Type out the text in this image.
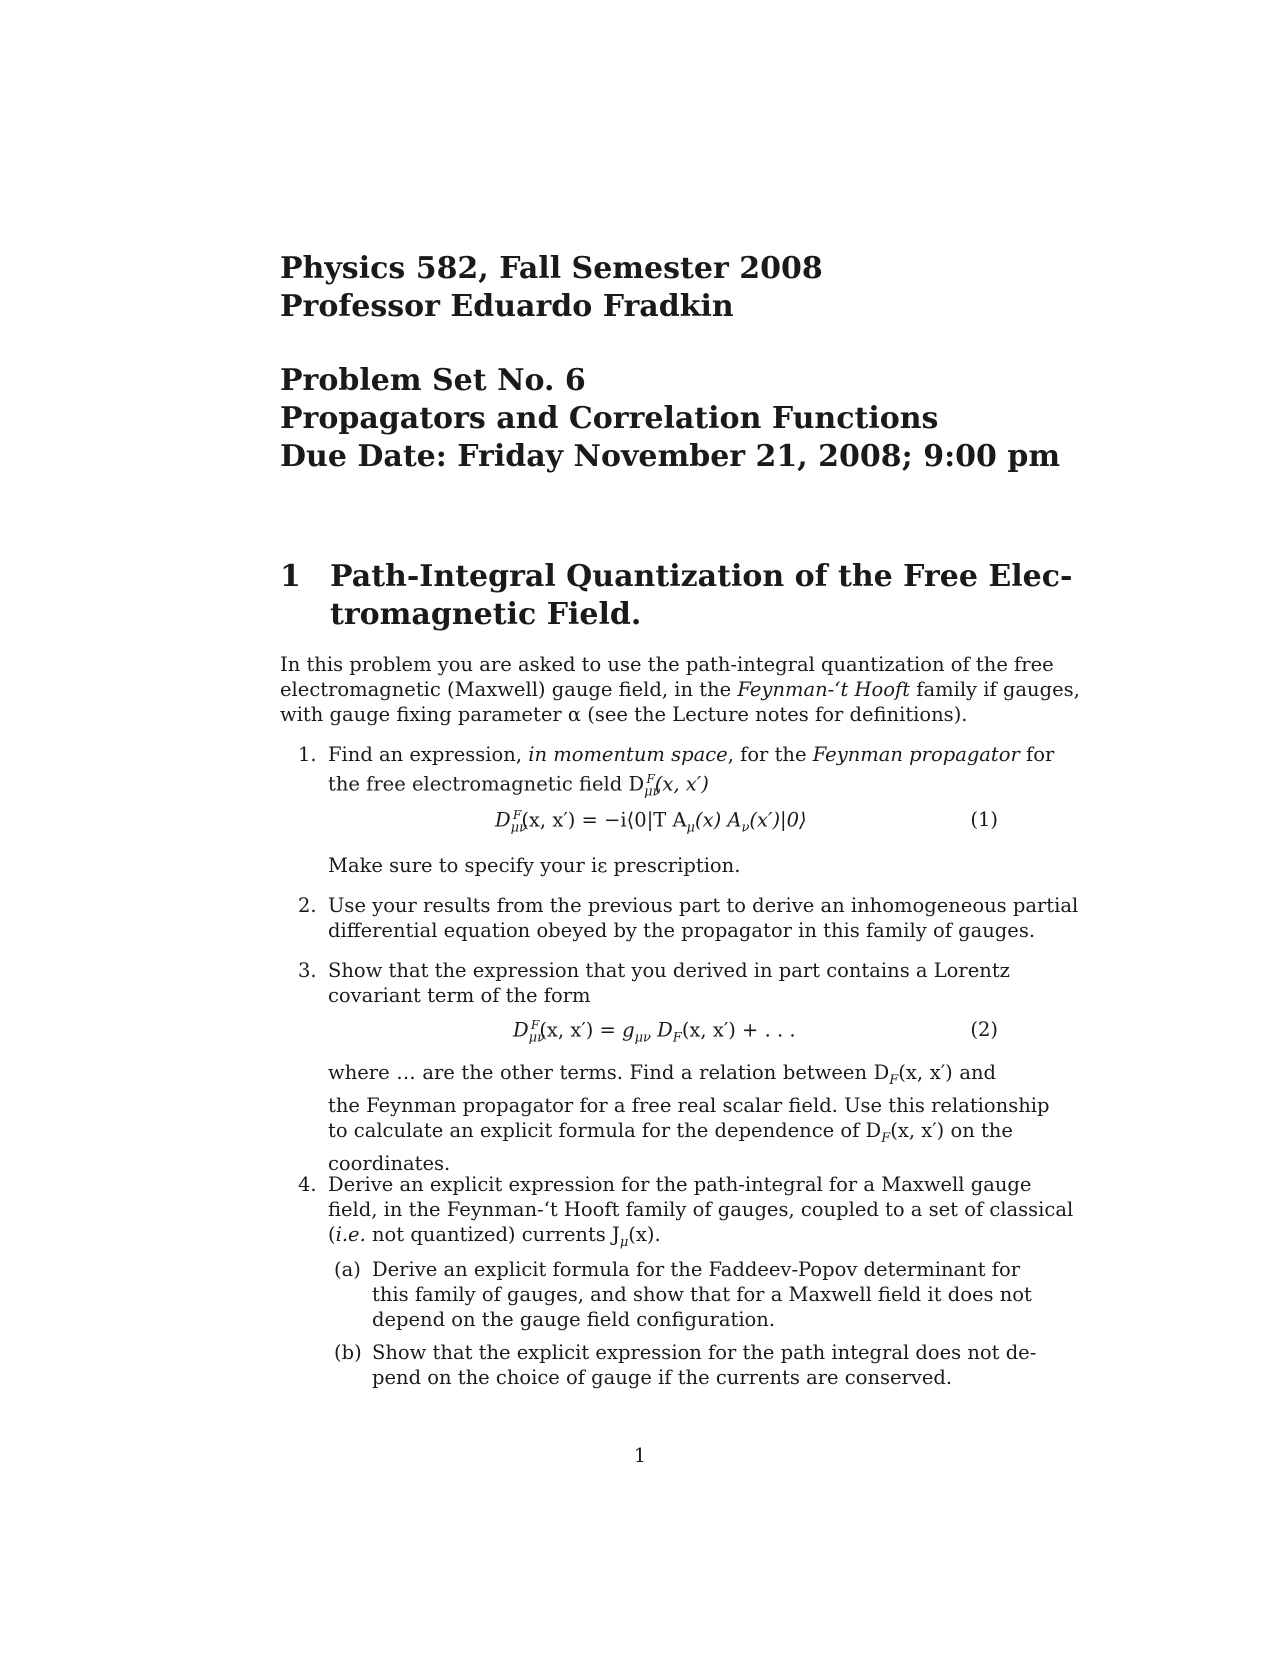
Physics 582, Fall Semester 2008
Professor Eduardo Fradkin
Problem Set No. 6
Propagators and Correlation Functions
Due Date: Friday November 21, 2008; 9:00 pm
1 Path-Integral Quantization of the Free Elec-
tromagnetic Field.
In this problem you are asked to use the path-integral quantization of the free
electromagnetic (Maxwell) gauge field, in the Feynman-‘t Hooft family if gauges,
with gauge fixing parameter α (see the Lecture notes for definitions).
1. Find an expression, in momentum space, for the Feynman propagator for
the free electromagnetic field $D_{\mu\nu}^F(x$, x′)
$D_{\mu\nu}^F(x$, x′) = −i⟨0|T $A_\mu(x)$ $A_\nu(x')|0⟩$	(1)
Make sure to specify your iε prescription.
2. Use your results from the previous part to derive an inhomogeneous partial
differential equation obeyed by the propagator in this family of gauges.
3. Show that the expression that you derived in part contains a Lorentz
covariant term of the form
$D_{\mu\nu}^F(x$, $x') = g_{\mu\nu}$ $D_F(x$, x′) + . . .	(2)
where … are the other terms. Find a relation between $D_F(x$, x′) and
the Feynman propagator for a free real scalar field. Use this relationship
to calculate an explicit formula for the dependence of $D_F(x$, x′) on the
coordinates.
4. Derive an explicit expression for the path-integral for a Maxwell gauge
field, in the Feynman-‘t Hooft family of gauges, coupled to a set of classical
(i.e. not quantized) currents $J_\mu(x)$.
(a) Derive an explicit formula for the Faddeev-Popov determinant for
this family of gauges, and show that for a Maxwell field it does not
depend on the gauge field configuration.
(b) Show that the explicit expression for the path integral does not de-
pend on the choice of gauge if the currents are conserved.
1
